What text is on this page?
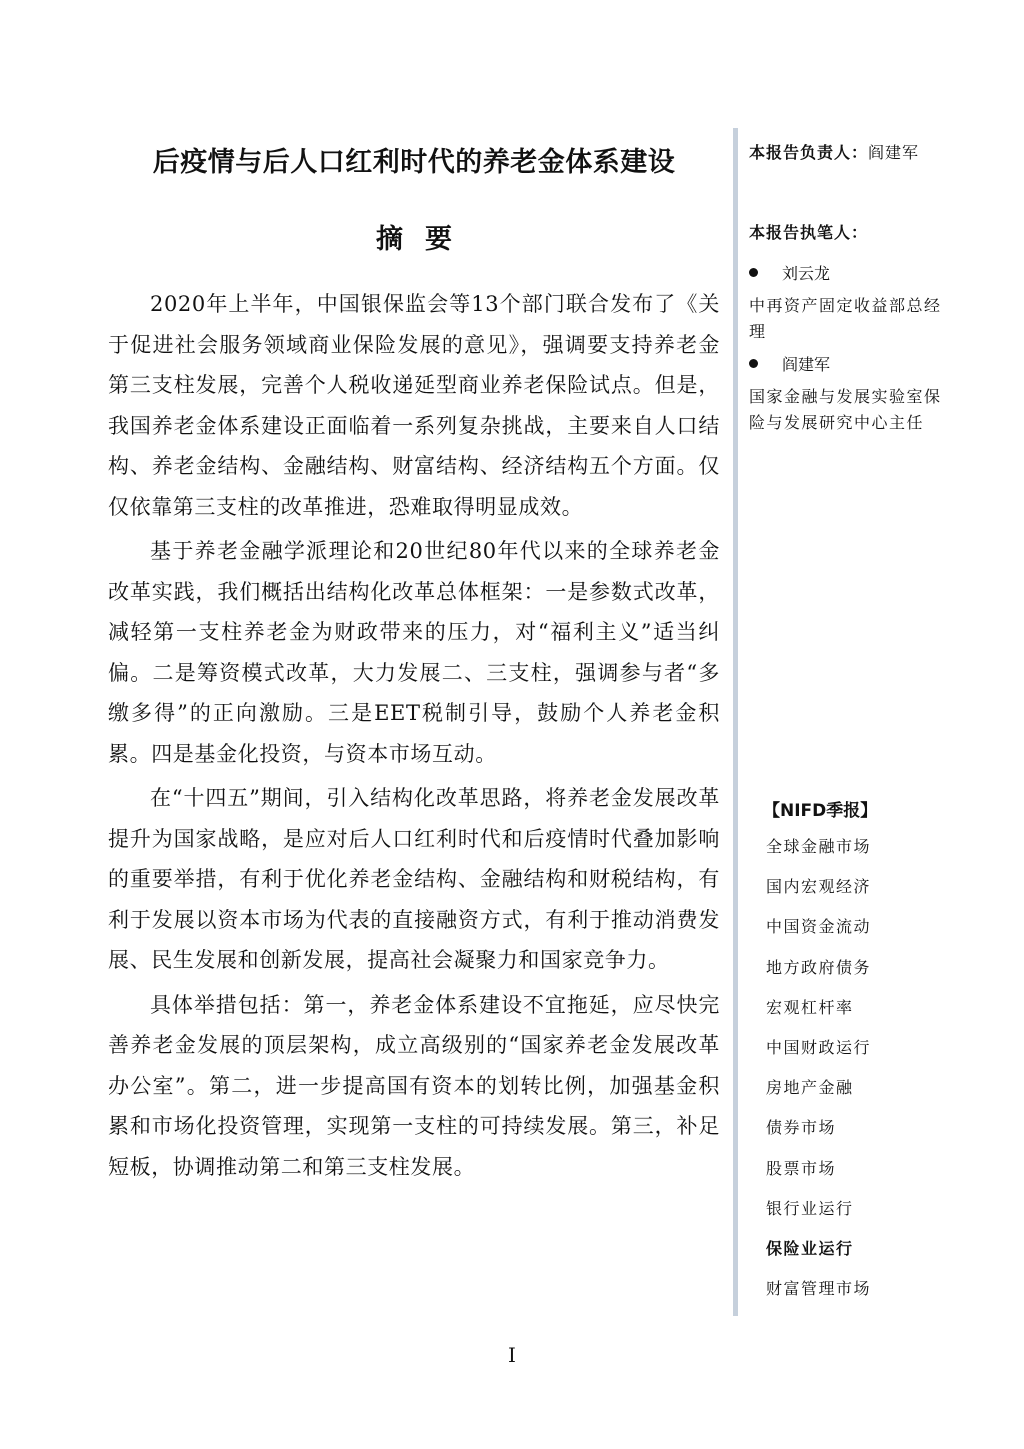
后疫情与后人口红利时代的养老金体系建设
摘要

2020年上半年，中国银保监会等13个部门联合发布了《关于促进社会服务领域商业保险发展的意见》，强调要支持养老金第三支柱发展，完善个人税收递延型商业养老保险试点。但是，我国养老金体系建设正面临着一系列复杂挑战，主要来自人口结构、养老金结构、金融结构、财富结构、经济结构五个方面。仅仅依靠第三支柱的改革推进，恐难取得明显成效。

基于养老金融学派理论和20世纪80年代以来的全球养老金改革实践，我们概括出结构化改革总体框架：一是参数式改革，减轻第一支柱养老金为财政带来的压力，对“福利主义”适当纠偏。二是筹资模式改革，大力发展二、三支柱，强调参与者“多缴多得”的正向激励。三是EET税制引导，鼓励个人养老金积累。四是基金化投资，与资本市场互动。

在“十四五”期间，引入结构化改革思路，将养老金发展改革提升为国家战略，是应对后人口红利时代和后疫情时代叠加影响的重要举措，有利于优化养老金结构、金融结构和财税结构，有利于发展以资本市场为代表的直接融资方式，有利于推动消费发展、民生发展和创新发展，提高社会凝聚力和国家竞争力。

具体举措包括：第一，养老金体系建设不宜拖延，应尽快完善养老金发展的顶层架构，成立高级别的“国家养老金发展改革办公室”。第二，进一步提高国有资本的划转比例，加强基金积累和市场化投资管理，实现第一支柱的可持续发展。第三，补足短板，协调推动第二和第三支柱发展。

本报告负责人：阎建军
本报告执笔人：
刘云龙
中再资产固定收益部总经理
阎建军
国家金融与发展实验室保险与发展研究中心主任
【NIFD季报】
全球金融市场
国内宏观经济
中国资金流动
地方政府债务
宏观杠杆率
中国财政运行
房地产金融
债券市场
股票市场
银行业运行
保险业运行
财富管理市场
I
